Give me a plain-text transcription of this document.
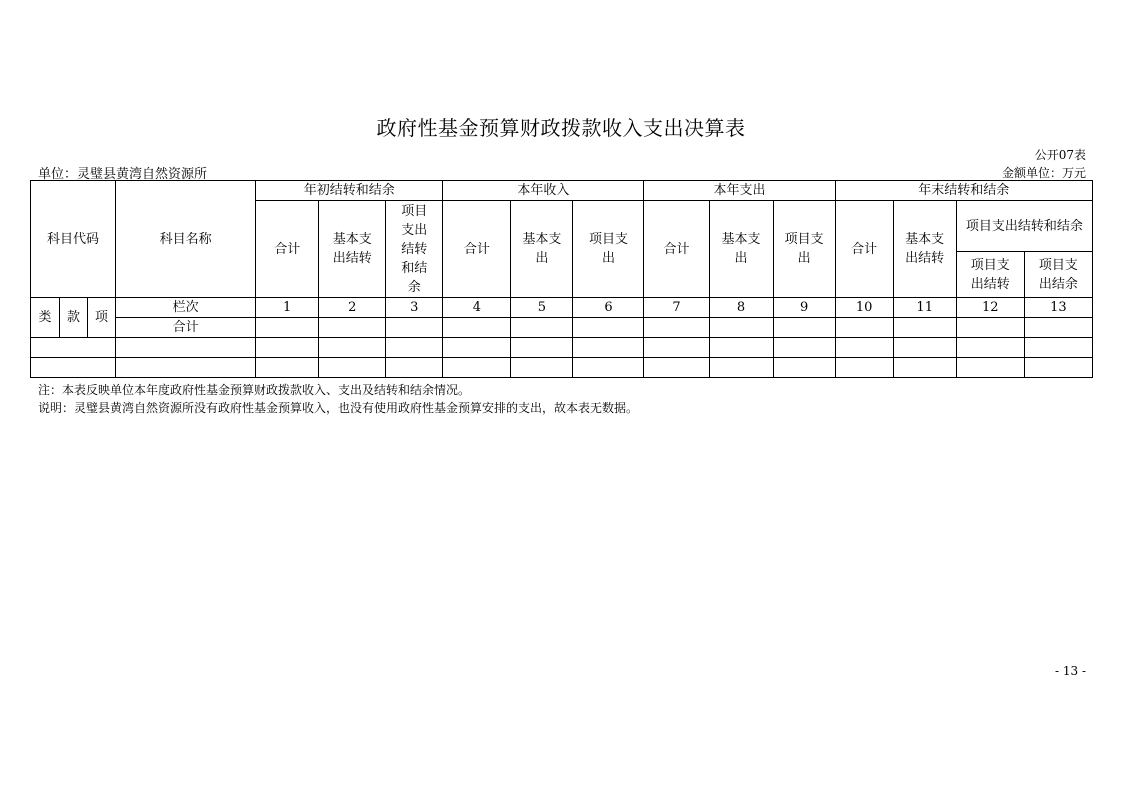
政府性基金预算财政拨款收入支出决算表
公开07表
单位：灵璧县黄湾自然资源所	金额单位：万元
科目代码			科目名称	年初结转和结余			本年收入			本年支出			年末结转和结余			
				合计	基本支出结转	项目支出结转和结余	合计	基本支出	项目支出	合计	基本支出	项目支出	合计	基本支出结转	项目支出结转和结余	
															项目支出结转	项目支出结余
类	款	项	栏次	1	2	3	4	5	6	7	8	9	10	11	12	13
			合计													

注：本表反映单位本年度政府性基金预算财政拨款收入、支出及结转和结余情况。
说明：灵璧县黄湾自然资源所没有政府性基金预算收入，也没有使用政府性基金预算安排的支出，故本表无数据。
- 13 -
